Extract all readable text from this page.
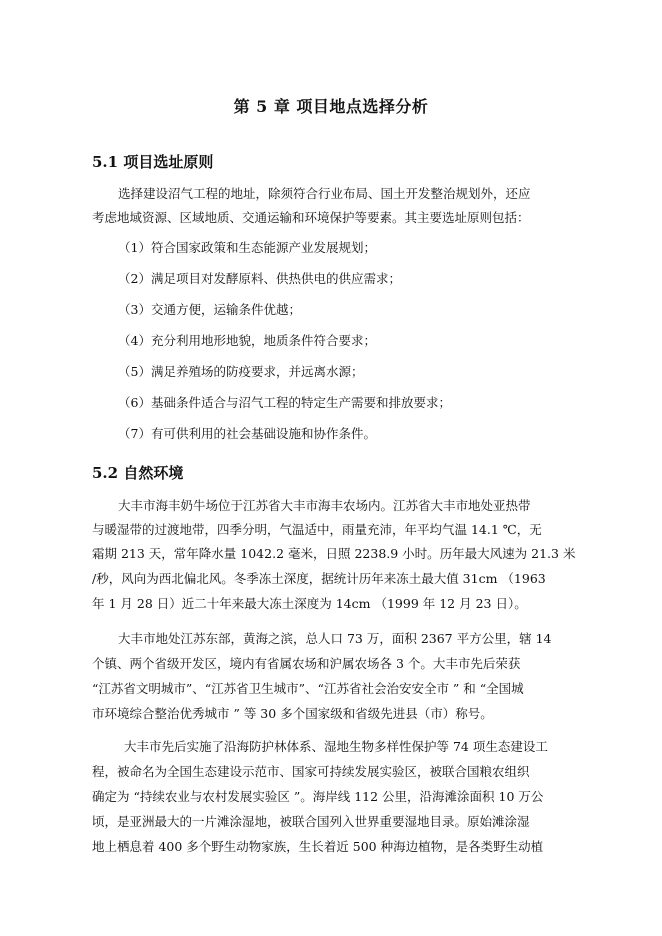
第 5 章 项目地点选择分析
5.1 项目选址原则
选择建设沼气工程的地址，除须符合行业布局、国土开发整治规划外，还应
考虑地域资源、区域地质、交通运输和环境保护等要素。其主要选址原则包括：
（1）符合国家政策和生态能源产业发展规划；
（2）满足项目对发酵原料、供热供电的供应需求；
（3）交通方便，运输条件优越；
（4）充分利用地形地貌，地质条件符合要求；
（5）满足养殖场的防疫要求，并远离水源；
（6）基础条件适合与沼气工程的特定生产需要和排放要求；
（7）有可供利用的社会基础设施和协作条件。
5.2 自然环境
大丰市海丰奶牛场位于江苏省大丰市海丰农场内。江苏省大丰市地处亚热带
与暖湿带的过渡地带，四季分明，气温适中，雨量充沛，年平均气温 14.1 ℃，无
霜期 213 天，常年降水量 1042.2 毫米，日照 2238.9 小时。历年最大风速为 21.3 米
/秒，风向为西北偏北风。冬季冻土深度，据统计历年来冻土最大值 31cm （1963
年 1 月 28 日）近二十年来最大冻土深度为 14cm （1999 年 12 月 23 日）。
大丰市地处江苏东部，黄海之滨，总人口 73 万，面积 2367 平方公里，辖 14
个镇、两个省级开发区，境内有省属农场和沪属农场各 3 个。大丰市先后荣获
“江苏省文明城市”、“江苏省卫生城市”、“江苏省社会治安安全市 ” 和 “全国城
市环境综合整治优秀城市 ” 等 30 多个国家级和省级先进县（市）称号。
大丰市先后实施了沿海防护林体系、湿地生物多样性保护等 74 项生态建设工
程，被命名为全国生态建设示范市、国家可持续发展实验区，被联合国粮农组织
确定为 “持续农业与农村发展实验区 ”。海岸线 112 公里，沿海滩涂面积 10 万公
顷，是亚洲最大的一片滩涂湿地，被联合国列入世界重要湿地目录。原始滩涂湿
地上栖息着 400 多个野生动物家族，生长着近 500 种海边植物，是各类野生动植
